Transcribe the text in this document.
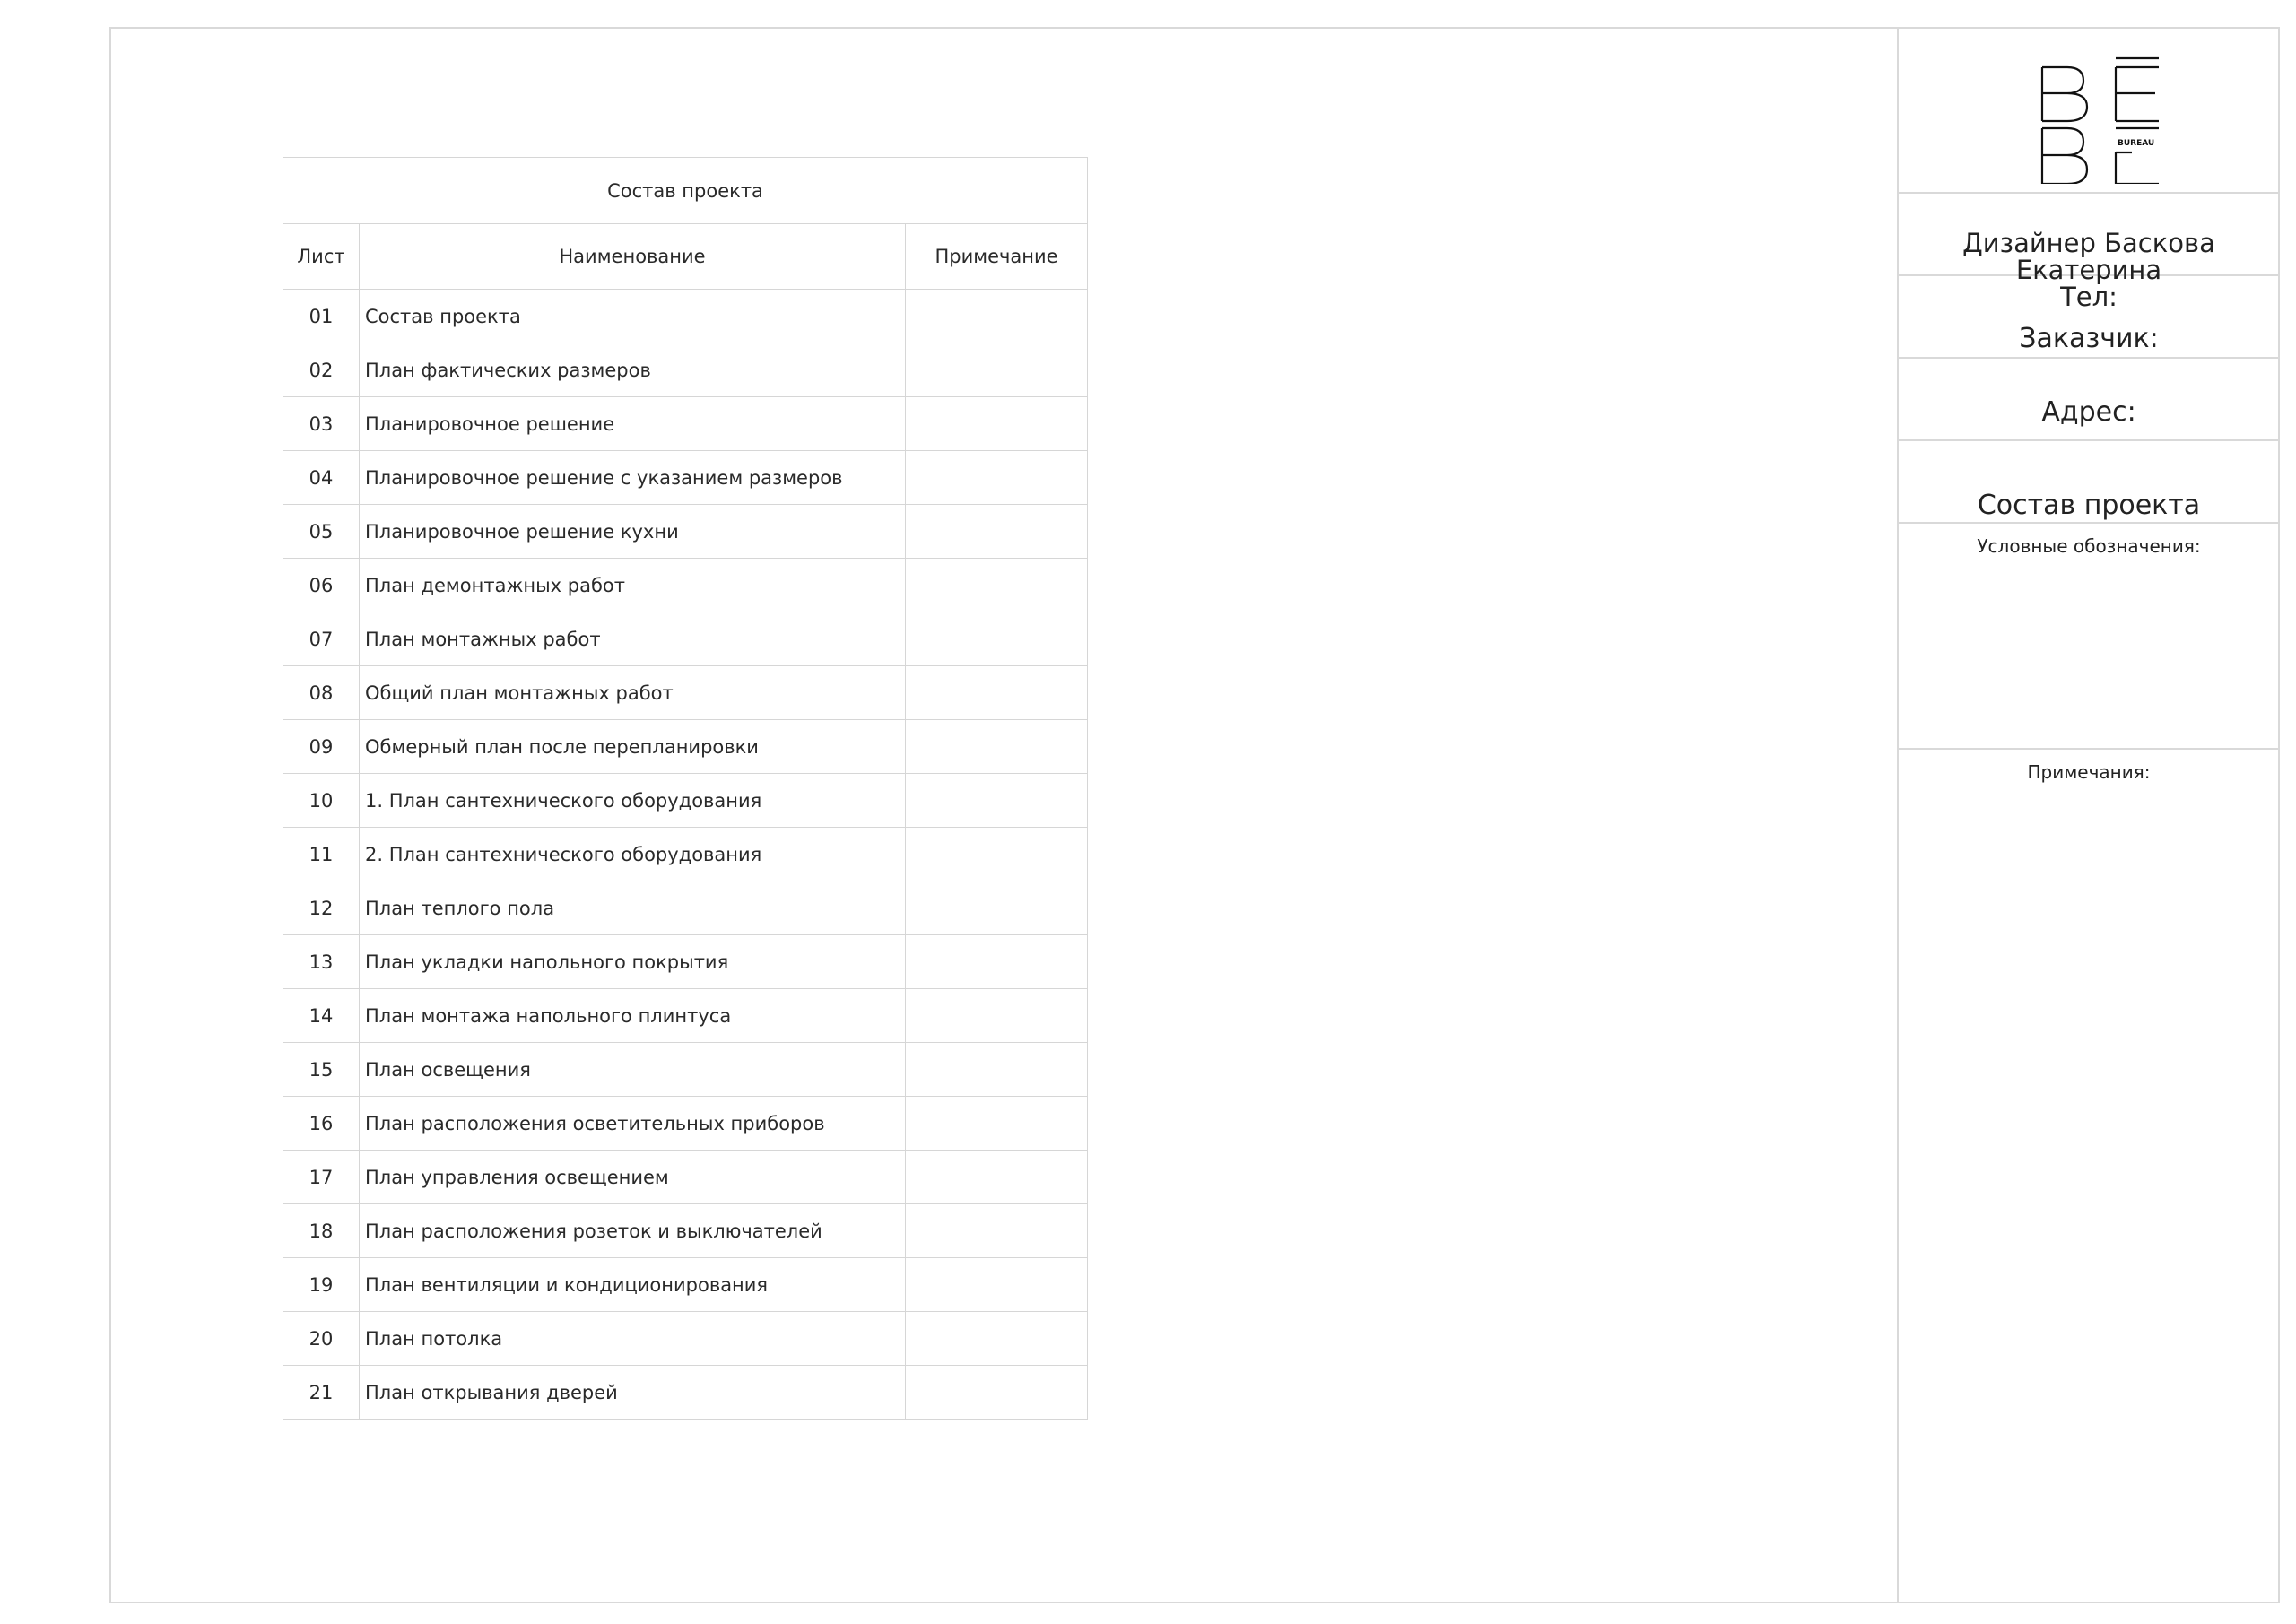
Состав проекта		
Лист	Наименование	Примечание
01	Состав проекта	
02	План фактических размеров	
03	Планировочное решение	
04	Планировочное решение с указанием размеров	
05	Планировочное решение кухни	
06	План демонтажных работ	
07	План монтажных работ	
08	Общий план монтажных работ	
09	Обмерный план после перепланировки	
10	1. План сантехнического оборудования	
11	2. План сантехнического оборудования	
12	План теплого пола	
13	План укладки напольного покрытия	
14	План монтажа напольного плинтуса	
15	План освещения	
16	План расположения осветительных приборов	
17	План управления освещением	
18	План расположения розеток и выключателей	
19	План вентиляции и кондиционирования	
20	План потолка	
21	План открывания дверей	
BUREAU
Дизайнер Баскова Екатерина
Тел:
Заказчик:
Адрес:
Состав проекта
Условные обозначения:
Примечания:
